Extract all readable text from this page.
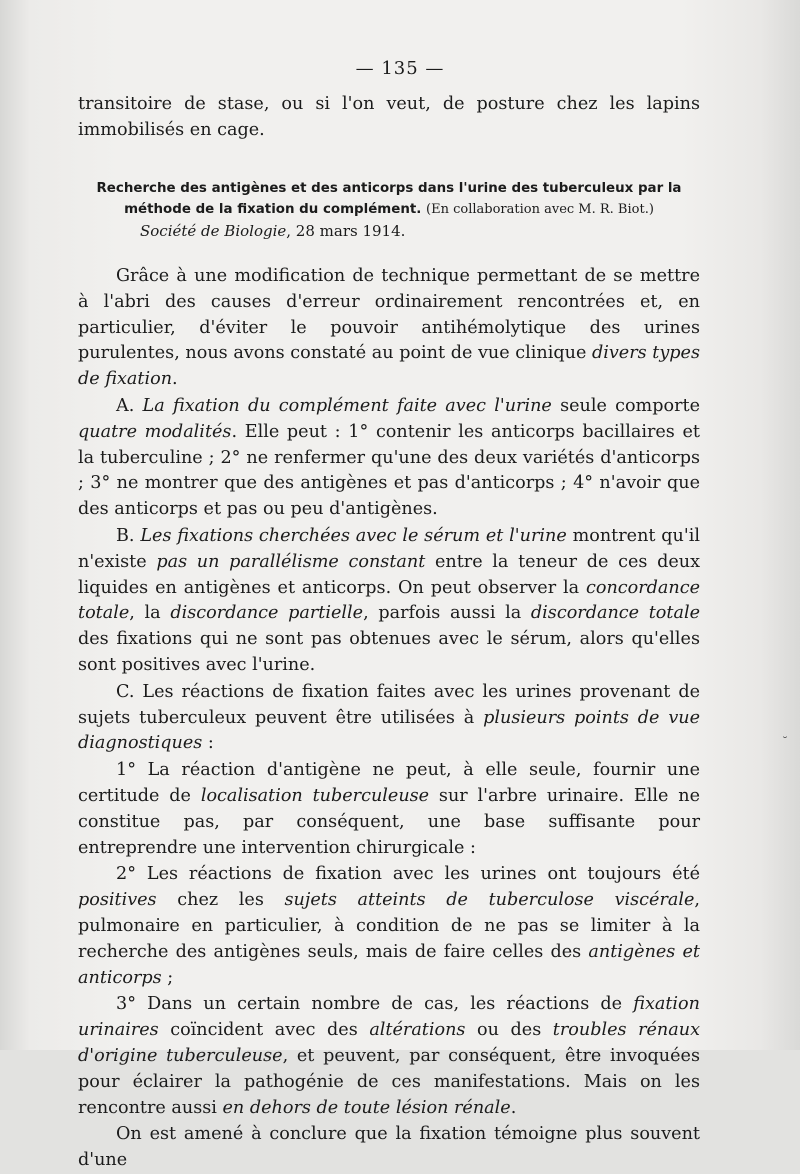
— 135 —

transitoire de stase, ou si l'on veut, de posture chez les lapins immobilisés en cage.

Recherche des antigènes et des anticorps dans l'urine des tuberculeux par la méthode de la fixation du complément. (En collaboration avec M. R. Biot.)
Société de Biologie, 28 mars 1914.

Grâce à une modification de technique permettant de se mettre à l'abri des causes d'erreur ordinairement rencontrées et, en particulier, d'éviter le pouvoir antihémolytique des urines purulentes, nous avons constaté au point de vue clinique divers types de fixation.

A. La fixation du complément faite avec l'urine seule comporte quatre modalités. Elle peut : 1° contenir les anticorps bacillaires et la tuberculine ; 2° ne renfermer qu'une des deux variétés d'anticorps ; 3° ne montrer que des antigènes et pas d'anticorps ; 4° n'avoir que des anticorps et pas ou peu d'antigènes.

B. Les fixations cherchées avec le sérum et l'urine montrent qu'il n'existe pas un parallélisme constant entre la teneur de ces deux liquides en antigènes et anticorps. On peut observer la concordance totale, la discordance partielle, parfois aussi la discordance totale des fixations qui ne sont pas obtenues avec le sérum, alors qu'elles sont positives avec l'urine.

C. Les réactions de fixation faites avec les urines provenant de sujets tuberculeux peuvent être utilisées à plusieurs points de vue diagnostiques :

1° La réaction d'antigène ne peut, à elle seule, fournir une certitude de localisation tuberculeuse sur l'arbre urinaire. Elle ne constitue pas, par conséquent, une base suffisante pour entreprendre une intervention chirurgicale :

2° Les réactions de fixation avec les urines ont toujours été positives chez les sujets atteints de tuberculose viscérale, pulmonaire en particulier, à condition de ne pas se limiter à la recherche des antigènes seuls, mais de faire celles des antigènes et anticorps ;

3° Dans un certain nombre de cas, les réactions de fixation urinaires coïncident avec des altérations ou des troubles rénaux d'origine tuberculeuse, et peuvent, par conséquent, être invoquées pour éclairer la pathogénie de ces manifestations. Mais on les rencontre aussi en dehors de toute lésion rénale.

On est amené à conclure que la fixation témoigne plus souvent d'une

˘
